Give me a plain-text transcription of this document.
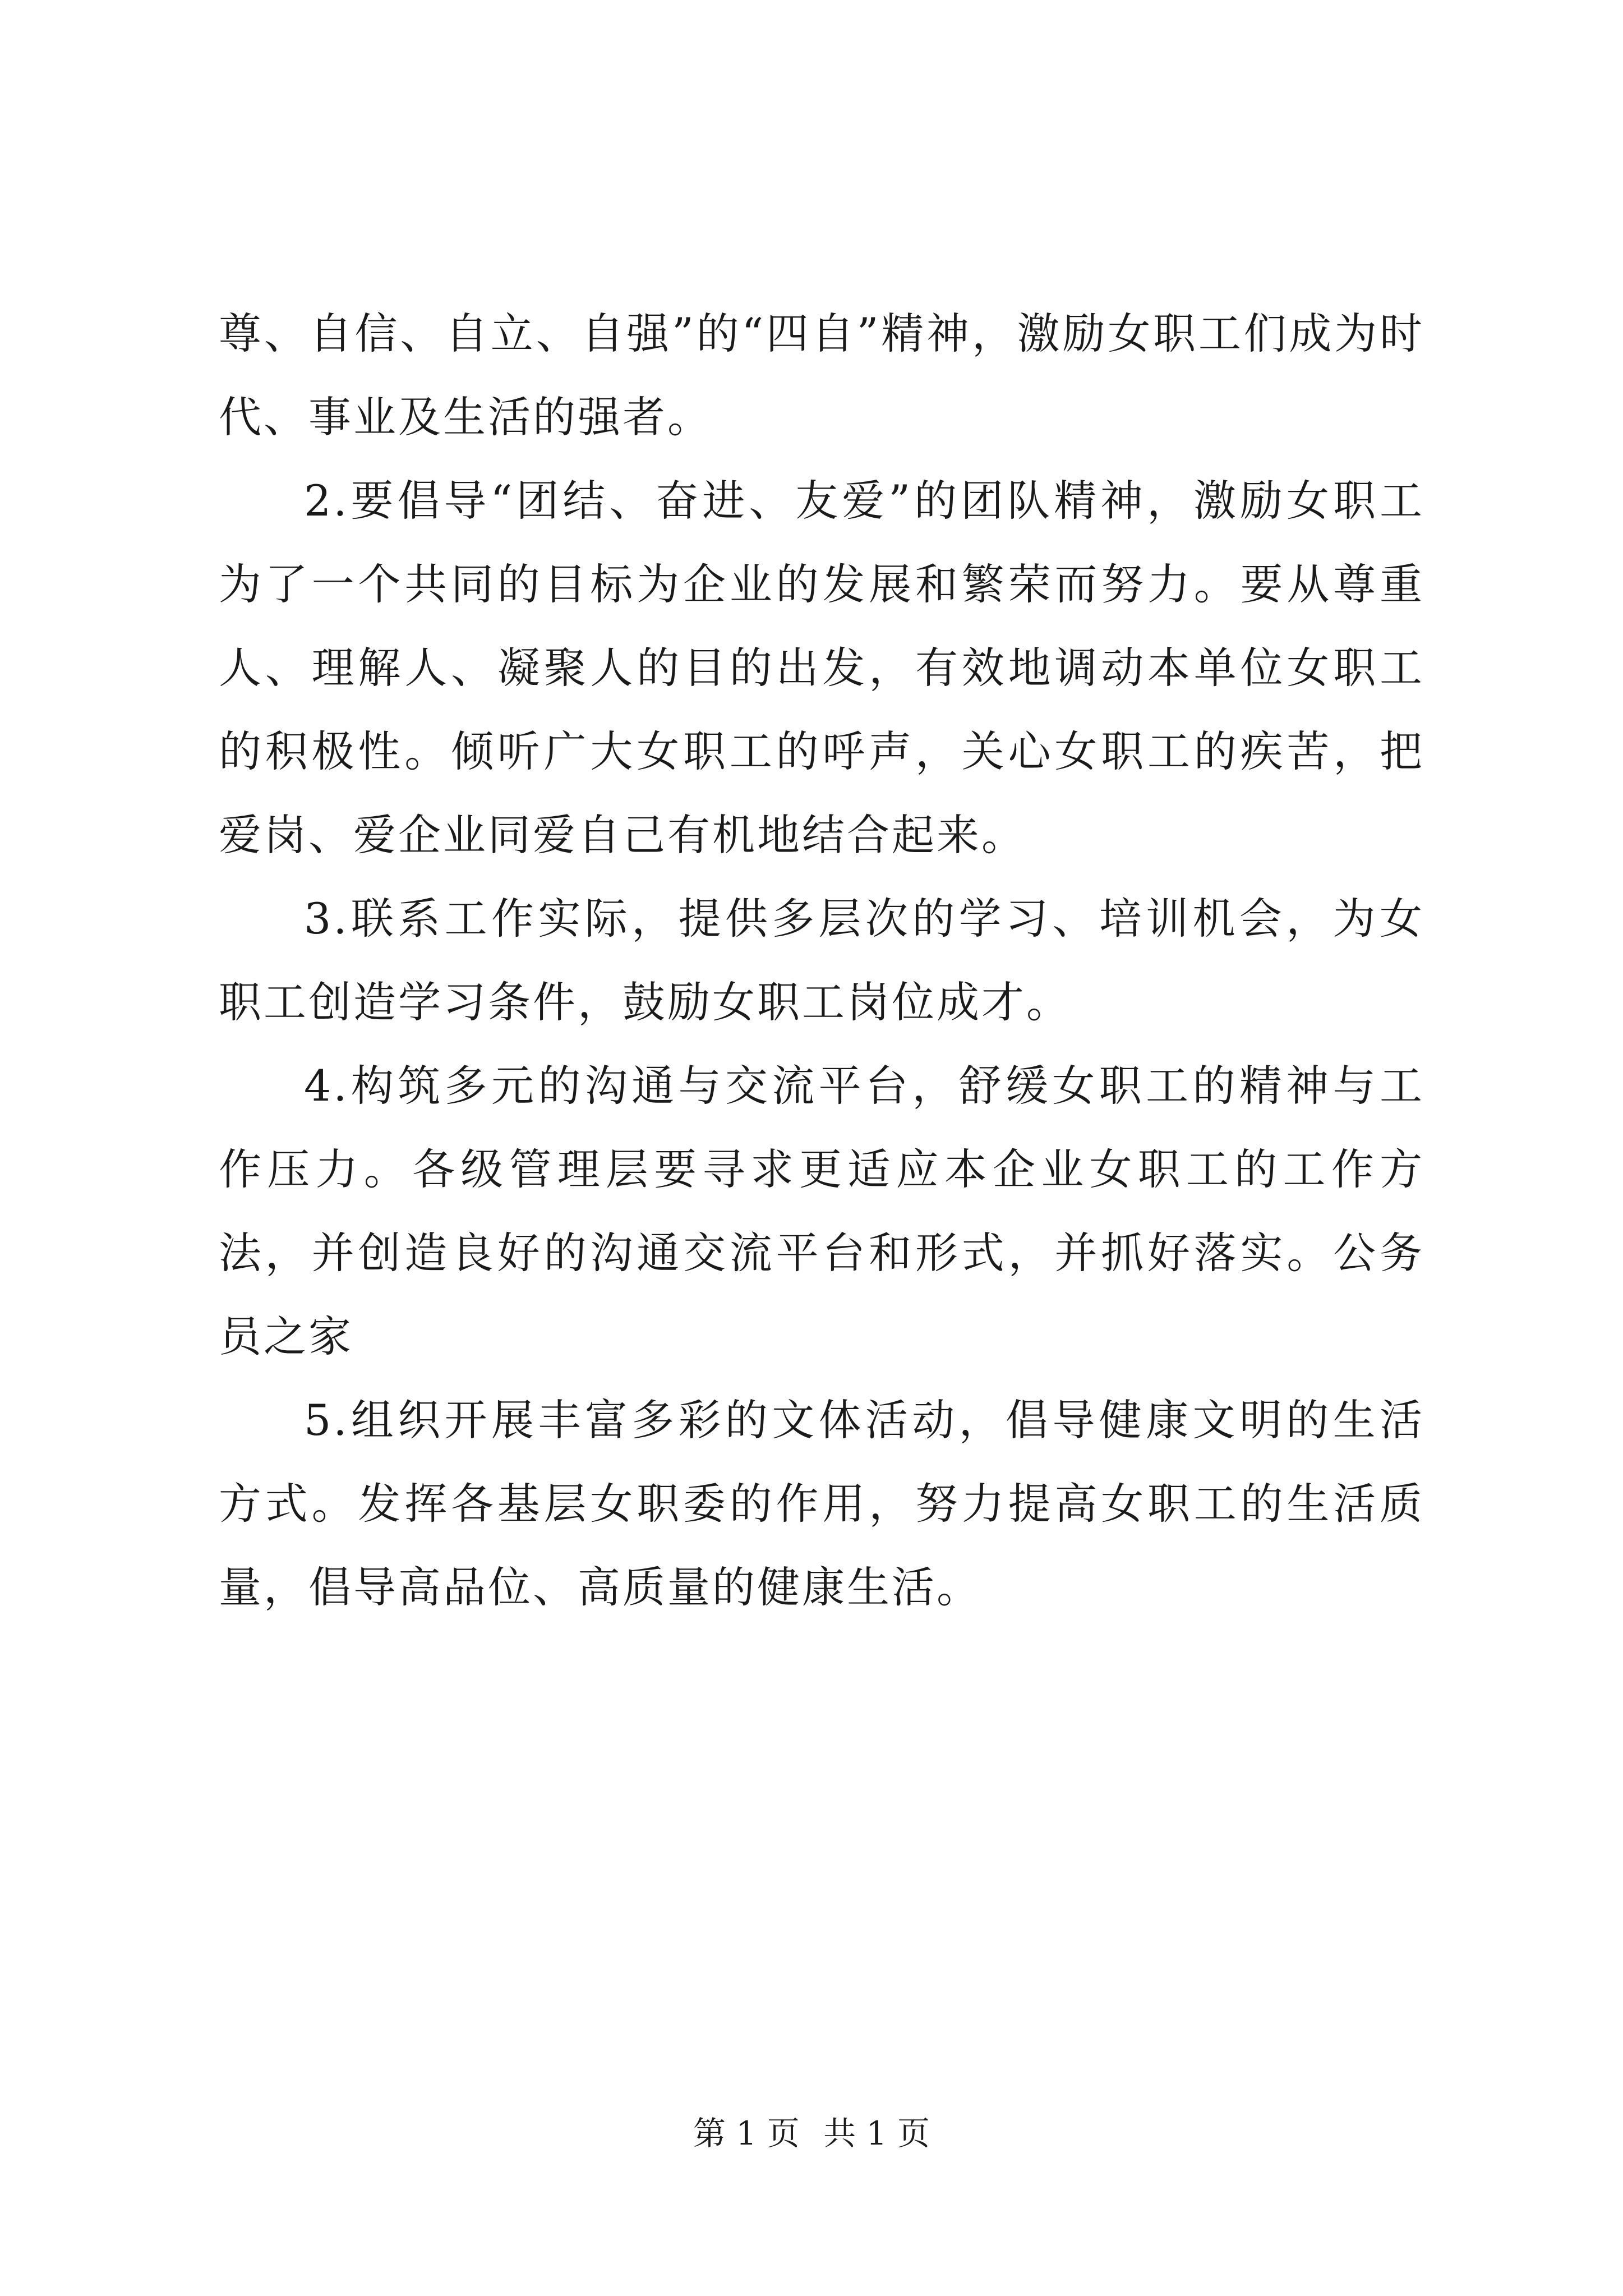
尊、自信、自立、自强”的“四自”精神，激励女职工们成为时代、事业及生活的强者。

2.要倡导“团结、奋进、友爱”的团队精神，激励女职工为了一个共同的目标为企业的发展和繁荣而努力。要从尊重人、理解人、凝聚人的目的出发，有效地调动本单位女职工的积极性。倾听广大女职工的呼声，关心女职工的疾苦，把爱岗、爱企业同爱自己有机地结合起来。

3.联系工作实际，提供多层次的学习、培训机会，为女职工创造学习条件，鼓励女职工岗位成才。

4.构筑多元的沟通与交流平台，舒缓女职工的精神与工作压力。各级管理层要寻求更适应本企业女职工的工作方法，并创造良好的沟通交流平台和形式，并抓好落实。公务员之家

5.组织开展丰富多彩的文体活动，倡导健康文明的生活方式。发挥各基层女职委的作用，努力提高女职工的生活质量，倡导高品位、高质量的健康生活。

第 1 页 共 1 页
